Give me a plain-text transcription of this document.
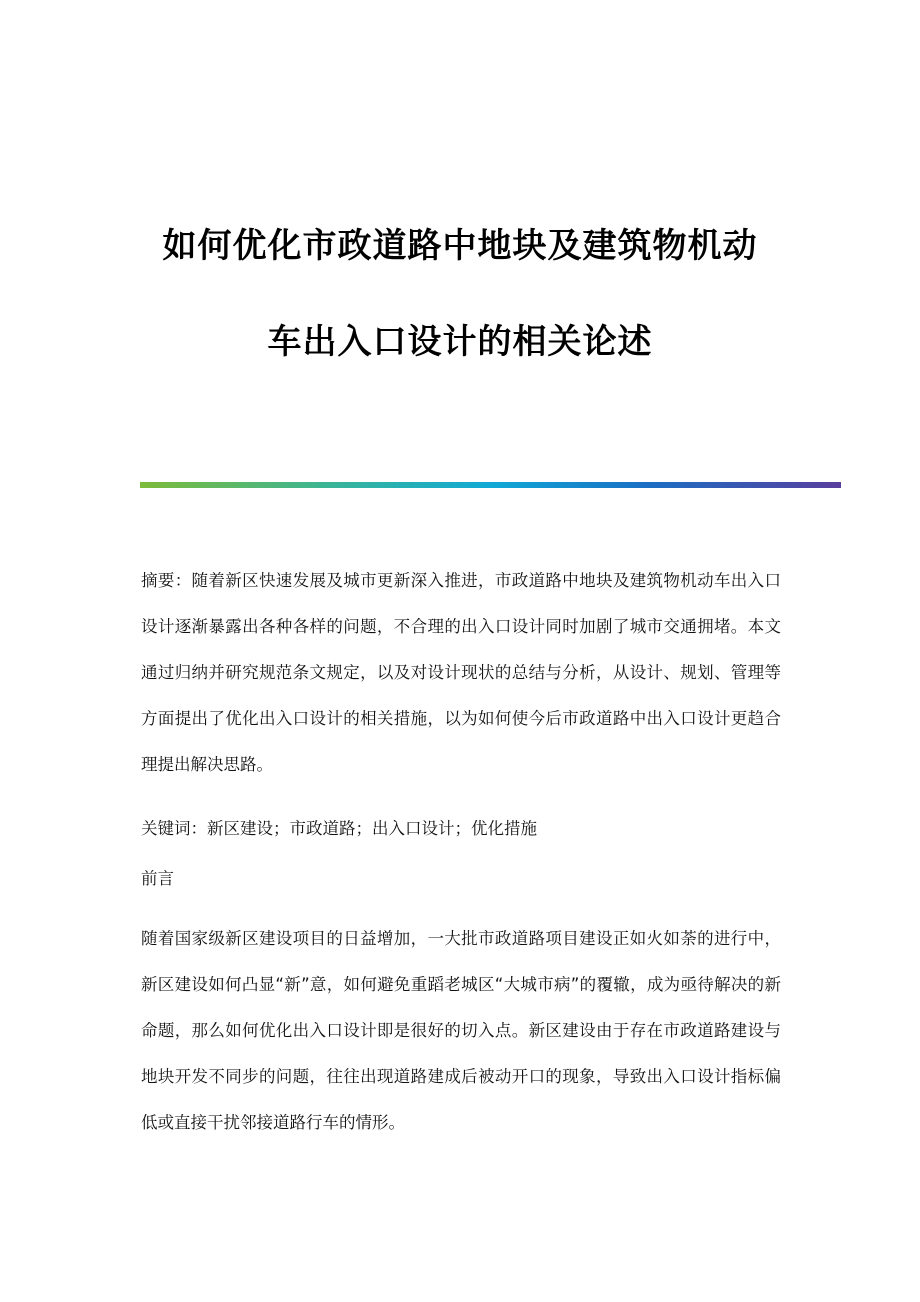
如何优化市政道路中地块及建筑物机动
车出入口设计的相关论述

摘要：随着新区快速发展及城市更新深入推进，市政道路中地块及建筑物机动车出入口设计逐渐暴露出各种各样的问题，不合理的出入口设计同时加剧了城市交通拥堵。本文通过归纳并研究规范条文规定，以及对设计现状的总结与分析，从设计、规划、管理等方面提出了优化出入口设计的相关措施，以为如何使今后市政道路中出入口设计更趋合理提出解决思路。

关键词：新区建设；市政道路；出入口设计；优化措施

前言

随着国家级新区建设项目的日益增加，一大批市政道路项目建设正如火如荼的进行中，新区建设如何凸显“新”意，如何避免重蹈老城区“大城市病”的覆辙，成为亟待解决的新命题，那么如何优化出入口设计即是很好的切入点。新区建设由于存在市政道路建设与地块开发不同步的问题，往往出现道路建成后被动开口的现象，导致出入口设计指标偏低或直接干扰邻接道路行车的情形。
